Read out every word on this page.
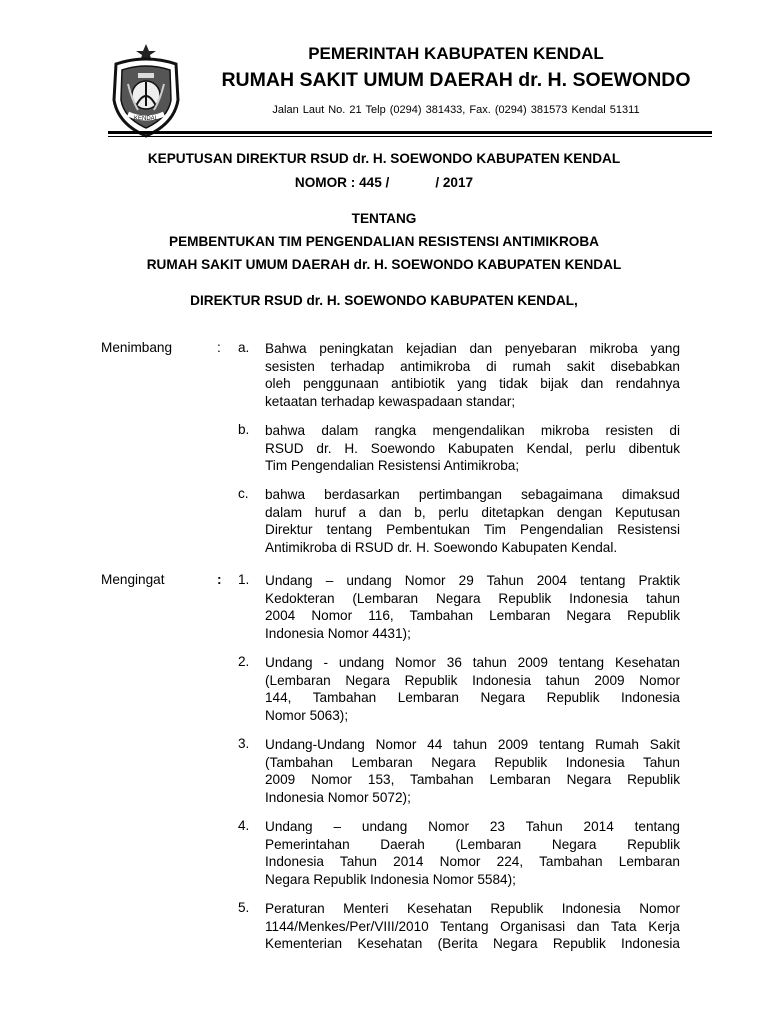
KENDAL
PEMERINTAH KABUPATEN KENDAL
RUMAH SAKIT UMUM DAERAH dr. H. SOEWONDO
Jalan Laut No. 21 Telp (0294) 381433, Fax. (0294) 381573 Kendal 51311
KEPUTUSAN DIREKTUR RSUD dr. H. SOEWONDO KABUPATEN KENDAL
NOMOR : 445 /	/ 2017
TENTANG
PEMBENTUKAN TIM PENGENDALIAN RESISTENSI ANTIMIKROBA
RUMAH SAKIT UMUM DAERAH dr. H. SOEWONDO KABUPATEN KENDAL
DIREKTUR RSUD dr. H. SOEWONDO KABUPATEN KENDAL,
Menimbang	: a.	Bahwa peningkatan kejadian dan penyebaran mikroba yang
sesisten terhadap antimikroba di rumah sakit disebabkan
oleh penggunaan antibiotik yang tidak bijak dan rendahnya
ketaatan terhadap kewaspadaan standar;
b.	bahwa dalam rangka mengendalikan mikroba resisten di
RSUD dr. H. Soewondo Kabupaten Kendal, perlu dibentuk
Tim Pengendalian Resistensi Antimikroba;
c.	bahwa berdasarkan pertimbangan sebagaimana dimaksud
dalam huruf a dan b, perlu ditetapkan dengan Keputusan
Direktur tentang Pembentukan Tim Pengendalian Resistensi
Antimikroba di RSUD dr. H. Soewondo Kabupaten Kendal.
Mengingat	: 1.	Undang – undang Nomor 29 Tahun 2004 tentang Praktik
Kedokteran (Lembaran Negara Republik Indonesia tahun
2004 Nomor 116, Tambahan Lembaran Negara Republik
Indonesia Nomor 4431);
2.	Undang - undang Nomor 36 tahun 2009 tentang Kesehatan
(Lembaran Negara Republik Indonesia tahun 2009 Nomor
144, Tambahan Lembaran Negara Republik Indonesia
Nomor 5063);
3.	Undang-Undang Nomor 44 tahun 2009 tentang Rumah Sakit
(Tambahan Lembaran Negara Republik Indonesia Tahun
2009 Nomor 153, Tambahan Lembaran Negara Republik
Indonesia Nomor 5072);
4.	Undang – undang Nomor 23 Tahun 2014 tentang
Pemerintahan Daerah (Lembaran Negara Republik
Indonesia Tahun 2014 Nomor 224, Tambahan Lembaran
Negara Republik Indonesia Nomor 5584);
5.	Peraturan Menteri Kesehatan Republik Indonesia Nomor
1144/Menkes/Per/VIII/2010 Tentang Organisasi dan Tata Kerja
Kementerian Kesehatan (Berita Negara Republik Indonesia
